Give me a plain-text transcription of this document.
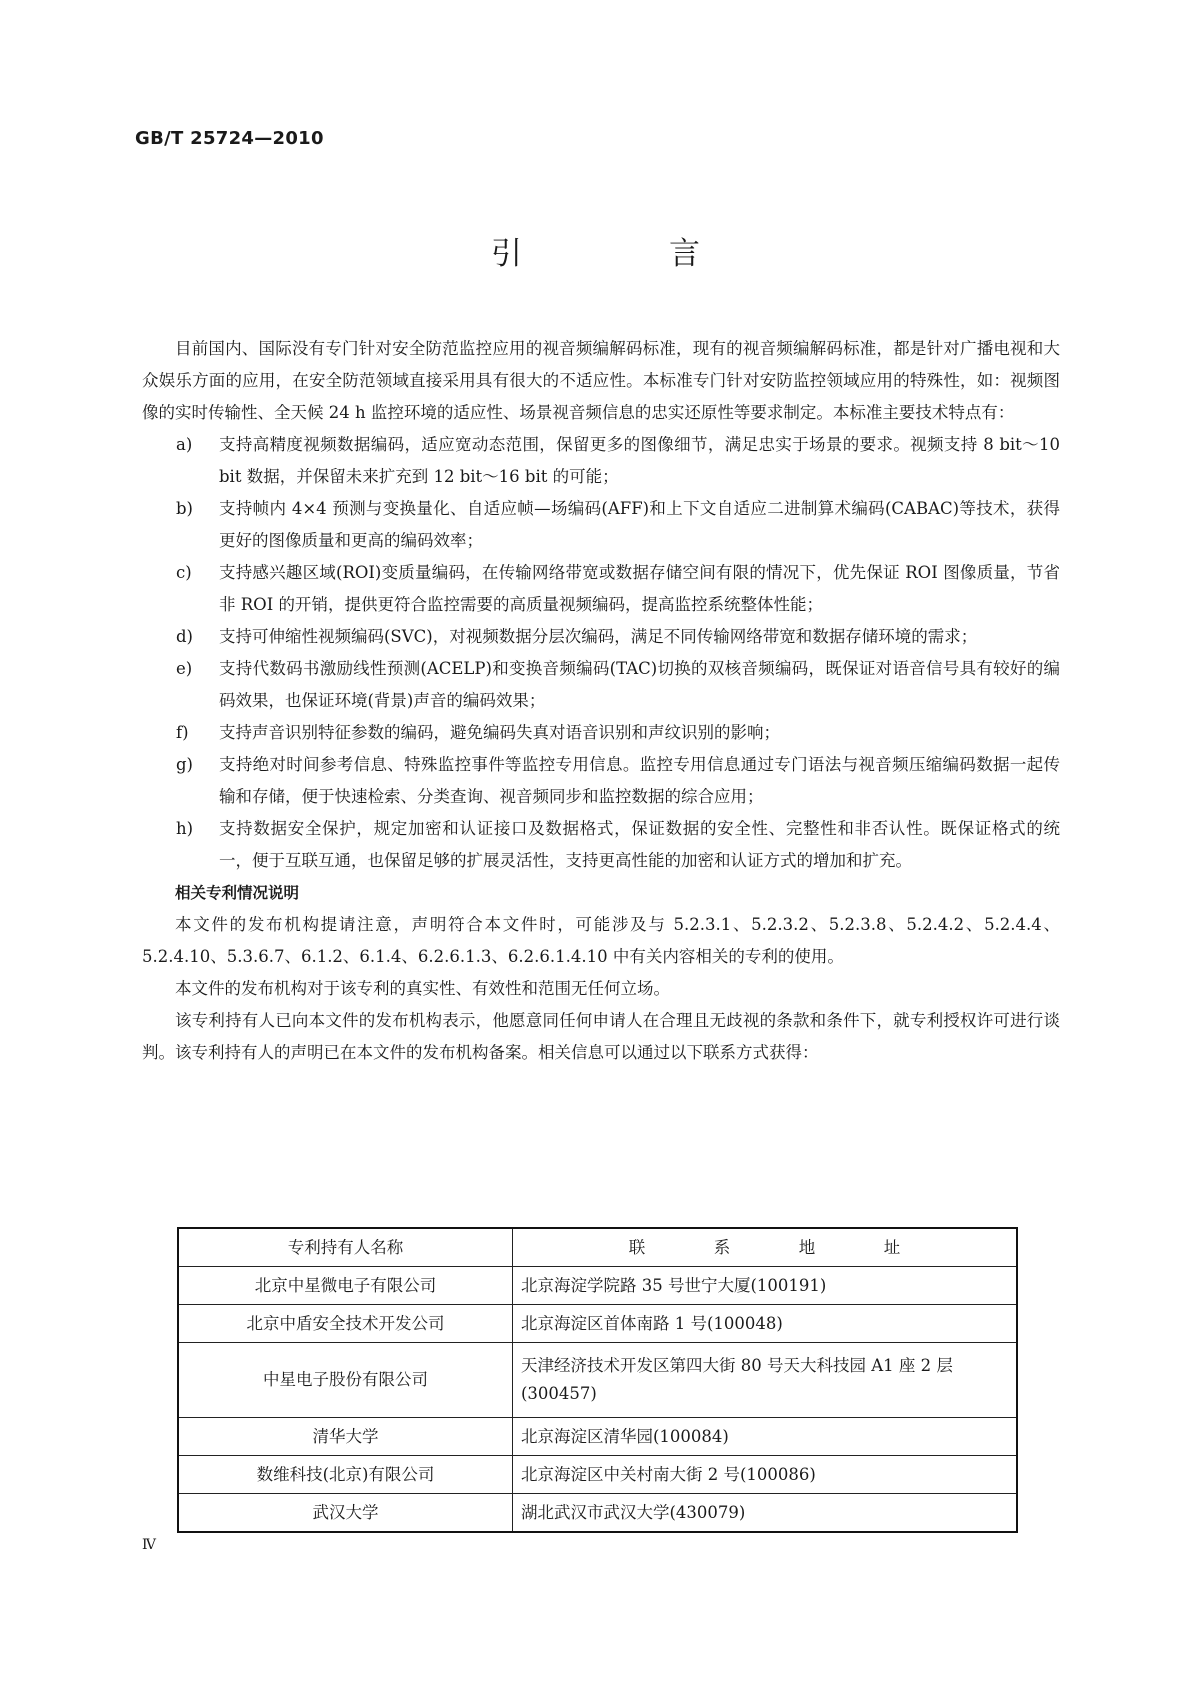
GB/T 25724—2010
引　言

目前国内、国际没有专门针对安全防范监控应用的视音频编解码标准，现有的视音频编解码标准，都是针对广播电视和大众娱乐方面的应用，在安全防范领域直接采用具有很大的不适应性。本标准专门针对安防监控领域应用的特殊性，如：视频图像的实时传输性、全天候 24 h 监控环境的适应性、场景视音频信息的忠实还原性等要求制定。本标准主要技术特点有：

a)	支持高精度视频数据编码，适应宽动态范围，保留更多的图像细节，满足忠实于场景的要求。视频支持 8 bit～10 bit 数据，并保留未来扩充到 12 bit～16 bit 的可能；
b)	支持帧内 4×4 预测与变换量化、自适应帧—场编码(AFF)和上下文自适应二进制算术编码(CABAC)等技术，获得更好的图像质量和更高的编码效率；
c)	支持感兴趣区域(ROI)变质量编码，在传输网络带宽或数据存储空间有限的情况下，优先保证 ROI 图像质量，节省非 ROI 的开销，提供更符合监控需要的高质量视频编码，提高监控系统整体性能；
d)	支持可伸缩性视频编码(SVC)，对视频数据分层次编码，满足不同传输网络带宽和数据存储环境的需求；
e)	支持代数码书激励线性预测(ACELP)和变换音频编码(TAC)切换的双核音频编码，既保证对语音信号具有较好的编码效果，也保证环境(背景)声音的编码效果；
f)	支持声音识别特征参数的编码，避免编码失真对语音识别和声纹识别的影响；
g)	支持绝对时间参考信息、特殊监控事件等监控专用信息。监控专用信息通过专门语法与视音频压缩编码数据一起传输和存储，便于快速检索、分类查询、视音频同步和监控数据的综合应用；
h)	支持数据安全保护，规定加密和认证接口及数据格式，保证数据的安全性、完整性和非否认性。既保证格式的统一，便于互联互通，也保留足够的扩展灵活性，支持更高性能的加密和认证方式的增加和扩充。
相关专利情况说明

本文件的发布机构提请注意，声明符合本文件时，可能涉及与 5.2.3.1、5.2.3.2、5.2.3.8、5.2.4.2、5.2.4.4、5.2.4.10、5.3.6.7、6.1.2、6.1.4、6.2.6.1.3、6.2.6.1.4.10 中有关内容相关的专利的使用。

本文件的发布机构对于该专利的真实性、有效性和范围无任何立场。

该专利持有人已向本文件的发布机构表示，他愿意同任何申请人在合理且无歧视的条款和条件下，就专利授权许可进行谈判。该专利持有人的声明已在本文件的发布机构备案。相关信息可以通过以下联系方式获得：

专利持有人名称	联　系　地　址
北京中星微电子有限公司	北京海淀学院路 35 号世宁大厦(100191)
北京中盾安全技术开发公司	北京海淀区首体南路 1 号(100048)
中星电子股份有限公司	天津经济技术开发区第四大街 80 号天大科技园 A1 座 2 层(300457)
清华大学	北京海淀区清华园(100084)
数维科技(北京)有限公司	北京海淀区中关村南大街 2 号(100086)
武汉大学	湖北武汉市武汉大学(430079)
Ⅳ
